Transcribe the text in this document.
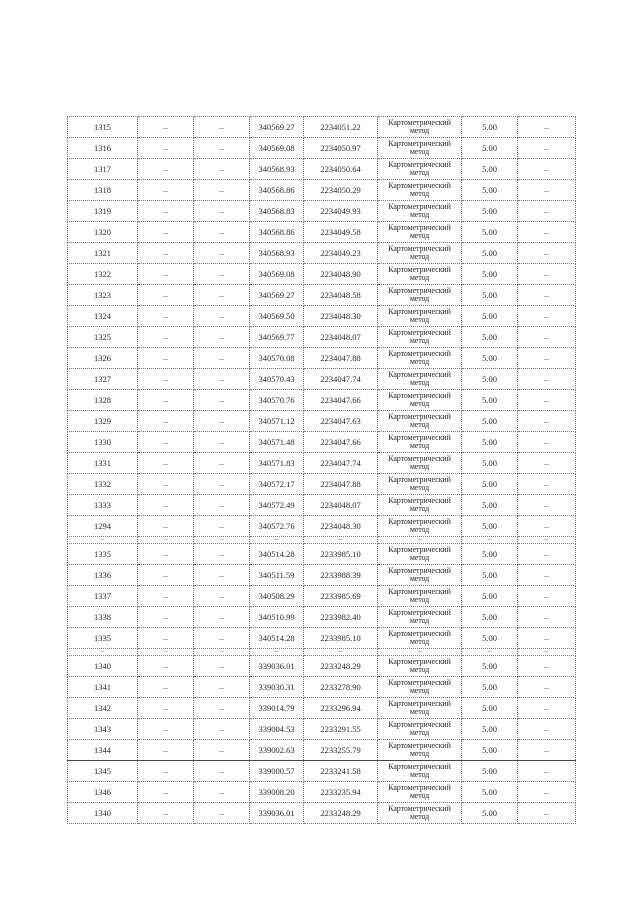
1315	--	--	340569.27	2234051.22	Картометрический метод	5.00	--
1316	--	--	340569.08	2234050.97	Картометрический метод	5.00	--
1317	--	--	340568.93	2234050.64	Картометрический метод	5.00	--
1318	--	--	340568.86	2234050.29	Картометрический метод	5.00	--
1319	--	--	340568.83	2234049.93	Картометрический метод	5.00	--
1320	--	--	340568.86	2234049.58	Картометрический метод	5.00	--
1321	--	--	340568.93	2234049.23	Картометрический метод	5.00	--
1322	--	--	340569.08	2234048.90	Картометрический метод	5.00	--
1323	--	--	340569.27	2234048.58	Картометрический метод	5.00	--
1324	--	--	340569.50	2234048.30	Картометрический метод	5.00	--
1325	--	--	340569.77	2234048.07	Картометрический метод	5.00	--
1326	--	--	340570.08	2234047.88	Картометрический метод	5.00	--
1327	--	--	340570.43	2234047.74	Картометрический метод	5.00	--
1328	--	--	340570.76	2234047.66	Картометрический метод	5.00	--
1329	--	--	340571.12	2234047.63	Картометрический метод	5.00	--
1330	--	--	340571.48	2234047.66	Картометрический метод	5.00	--
1331	--	--	340571.83	2234047.74	Картометрический метод	5.00	--
1332	--	--	340572.17	2234047.88	Картометрический метод	5.00	--
1333	--	--	340572.49	2234048.07	Картометрический метод	5.00	--
1294	--	--	340572.76	2234048.30	Картометрический метод	5.00	--
--	--	--	--	--	--	--	--
1335	--	--	340514.28	2233985.10	Картометрический метод	5.00	--
1336	--	--	340511.59	2233988.39	Картометрический метод	5.00	--
1337	--	--	340508.29	2233985.69	Картометрический метод	5.00	--
1338	--	--	340510.99	2233982.40	Картометрический метод	5.00	--
1335	--	--	340514.28	2233985.10	Картометрический метод	5.00	--
--	--	--	--	--	--	--	--
1340	--	--	339036.01	2233248.29	Картометрический метод	5.00	--
1341	--	--	339030.31	2233278.90	Картометрический метод	5.00	--
1342	--	--	339014.79	2233296.94	Картометрический метод	5.00	--
1343	--	--	339004.53	2233291.55	Картометрический метод	5.00	--
1344	--	--	339002.63	2233255.79	Картометрический метод	5.00	--
1345	--	--	339000.57	2233241.58	Картометрический метод	5.00	--
1346	--	--	339008.20	2233235.94	Картометрический метод	5.00	--
1340	--	--	339036.01	2233248.29	Картометрический метод	5.00	--
